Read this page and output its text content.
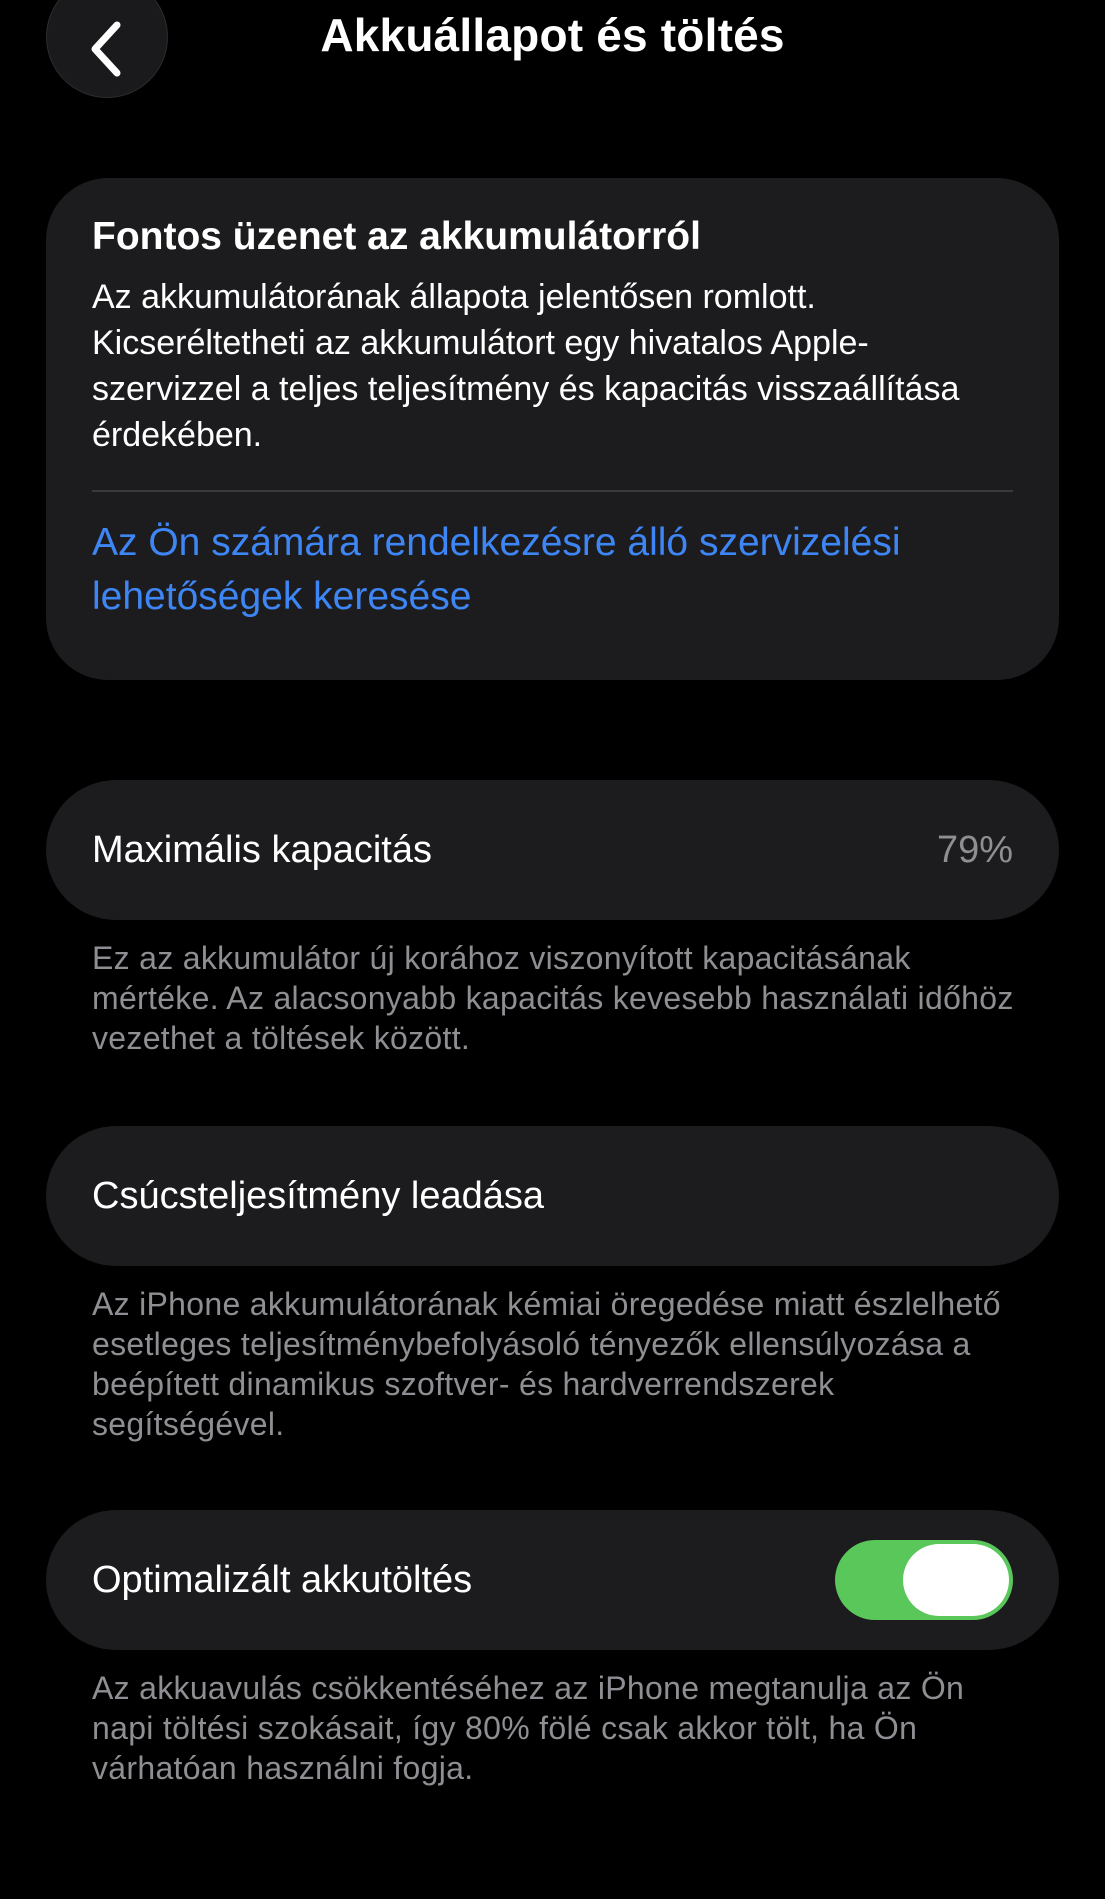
Akkuállapot és töltés
Fontos üzenet az akkumulátorról
Az akkumulátorának állapota jelentősen romlott. Kicseréltetheti az akkumulátort egy hivatalos Apple-szervizzel a teljes teljesítmény és kapacitás visszaállítása érdekében.
Az Ön számára rendelkezésre álló szervizelési lehetőségek keresése
Maximális kapacitás	79%
Ez az akkumulátor új korához viszonyított kapacitásának mértéke. Az alacsonyabb kapacitás kevesebb használati időhöz vezethet a töltések között.
Csúcsteljesítmény leadása
Az iPhone akkumulátorának kémiai öregedése miatt észlelhető esetleges teljesítménybefolyásoló tényezők ellensúlyozása a beépített dinamikus szoftver- és hardverrendszerek segítségével.
Optimalizált akkutöltés
Az akkuavulás csökkentéséhez az iPhone megtanulja az Ön napi töltési szokásait, így 80% fölé csak akkor tölt, ha Ön várhatóan használni fogja.
